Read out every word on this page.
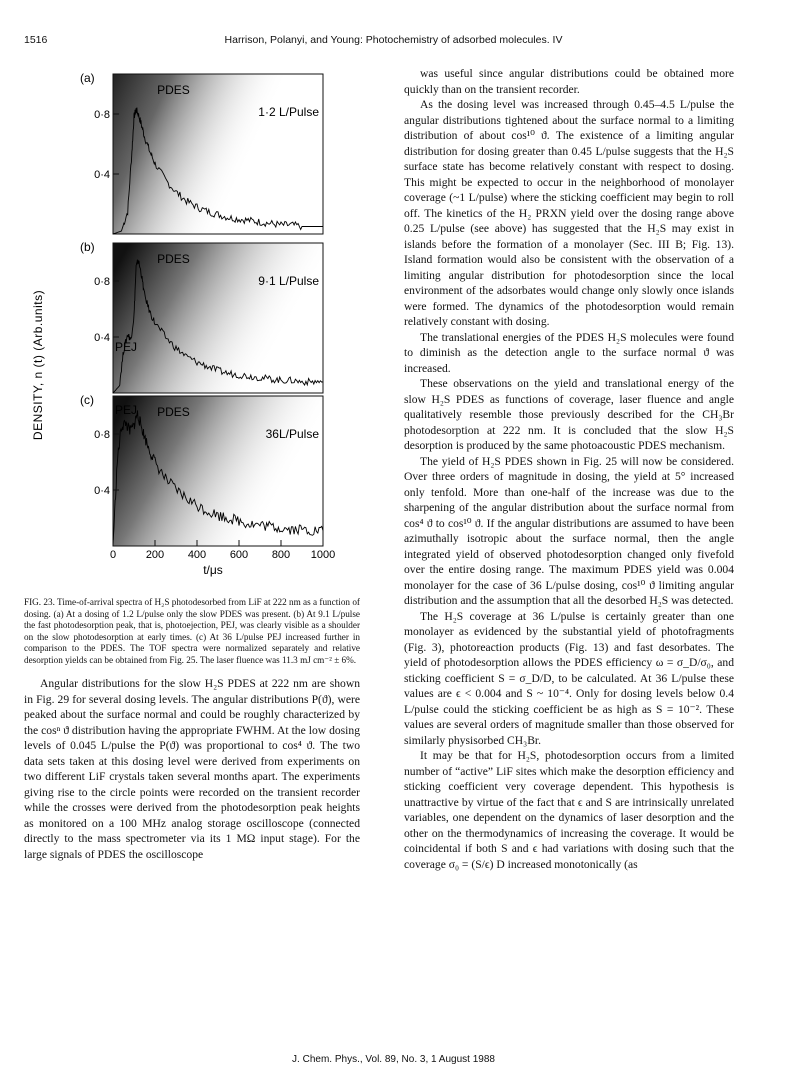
1516	Harrison, Polanyi, and Young: Photochemistry of adsorbed molecules. IV
DENSITY, n (t) (Arb.units)
0·8
0·4
(a)
PDES
1·2 L/Pulse
0·8
0·4
(b)
PDES
9·1 L/Pulse
PEJ
0·8
0·4
(c)
PDES
36L/Pulse
PEJ
0	200 400 600 800 1000
t/μs
FIG. 23. Time-of-arrival spectra of H₂S photodesorbed from LiF at 222 nm as a function of dosing. (a) At a dosing of 1.2 L/pulse only the slow PDES was present. (b) At 9.1 L/pulse the fast photodesorption peak, that is, photoejection, PEJ, was clearly visible as a shoulder on the slow photodesorption at early times. (c) At 36 L/pulse PEJ increased further in comparison to the PDES. The TOF spectra were normalized separately and relative desorption yields can be obtained from Fig. 25. The laser fluence was 11.3 mJ cm⁻² ± 6%.

Angular distributions for the slow H₂S PDES at 222 nm are shown in Fig. 29 for several dosing levels. The angular distributions P(ϑ), were peaked about the surface normal and could be roughly characterized by the cosⁿ ϑ distribution having the appropriate FWHM. At the low dosing levels of 0.045 L/pulse the P(ϑ) was proportional to cos⁴ ϑ. The two data sets taken at this dosing level were derived from experiments on two different LiF crystals taken several months apart. The experiments giving rise to the circle points were recorded on the transient recorder while the crosses were derived from the photodesorption peak heights as monitored on a 100 MHz analog storage oscilloscope (connected directly to the mass spectrometer via its 1 MΩ input stage). For the large signals of PDES the oscilloscope

was useful since angular distributions could be obtained more quickly than on the transient recorder.

As the dosing level was increased through 0.45–4.5 L/pulse the angular distributions tightened about the surface normal to a limiting distribution of about cos¹⁰ ϑ. The existence of a limiting angular distribution for dosing greater than 0.45 L/pulse suggests that the H₂S surface state has become relatively constant with respect to dosing. This might be expected to occur in the neighborhood of monolayer coverage (~1 L/pulse) where the sticking coefficient may begin to roll off. The kinetics of the H₂ PRXN yield over the dosing range above 0.25 L/pulse (see above) has suggested that the H₂S may exist in islands before the formation of a monolayer (Sec. III B; Fig. 13). Island formation would also be consistent with the observation of a limiting angular distribution for photodesorption since the local environment of the adsorbates would change only slowly once islands were formed. The dynamics of the photodesorption would remain relatively constant with dosing.

The translational energies of the PDES H₂S molecules were found to diminish as the detection angle to the surface normal ϑ was increased.

These observations on the yield and translational energy of the slow H₂S PDES as functions of coverage, laser fluence and angle qualitatively resemble those previously described for the CH₃Br photodesorption at 222 nm. It is concluded that the slow H₂S desorption is produced by the same photoacoustic PDES mechanism.

The yield of H₂S PDES shown in Fig. 25 will now be considered. Over three orders of magnitude in dosing, the yield at 5° increased only tenfold. More than one-half of the increase was due to the sharpening of the angular distribution about the surface normal from cos⁴ ϑ to cos¹⁰ ϑ. If the angular distributions are assumed to have been azimuthally isotropic about the surface normal, then the angle integrated yield of observed photodesorption changed only fivefold over the entire dosing range. The maximum PDES yield was 0.004 monolayer for the case of 36 L/pulse dosing, cos¹⁰ ϑ limiting angular distribution and the assumption that all the desorbed H₂S was detected.

The H₂S coverage at 36 L/pulse is certainly greater than one monolayer as evidenced by the substantial yield of photofragments (Fig. 3), photoreaction products (Fig. 13) and fast desorbates. The yield of photodesorption allows the PDES efficiency ω = σ_D/σ₀, and sticking coefficient S = σ_D/D, to be calculated. At 36 L/pulse these values are ϵ < 0.004 and S ~ 10⁻⁴. Only for dosing levels below 0.4 L/pulse could the sticking coefficient be as high as S = 10⁻². These values are several orders of magnitude smaller than those observed for similarly physisorbed CH₃Br.

It may be that for H₂S, photodesorption occurs from a limited number of “active” LiF sites which make the desorption efficiency and sticking coefficient very coverage dependent. This hypothesis is unattractive by virtue of the fact that ϵ and S are intrinsically unrelated variables, one dependent on the dynamics of laser desorption and the other on the thermodynamics of increasing the coverage. It would be coincidental if both S and ϵ had variations with dosing such that the coverage σ₀ = (S/ϵ) D increased monotonically (as

J. Chem. Phys., Vol. 89, No. 3, 1 August 1988
